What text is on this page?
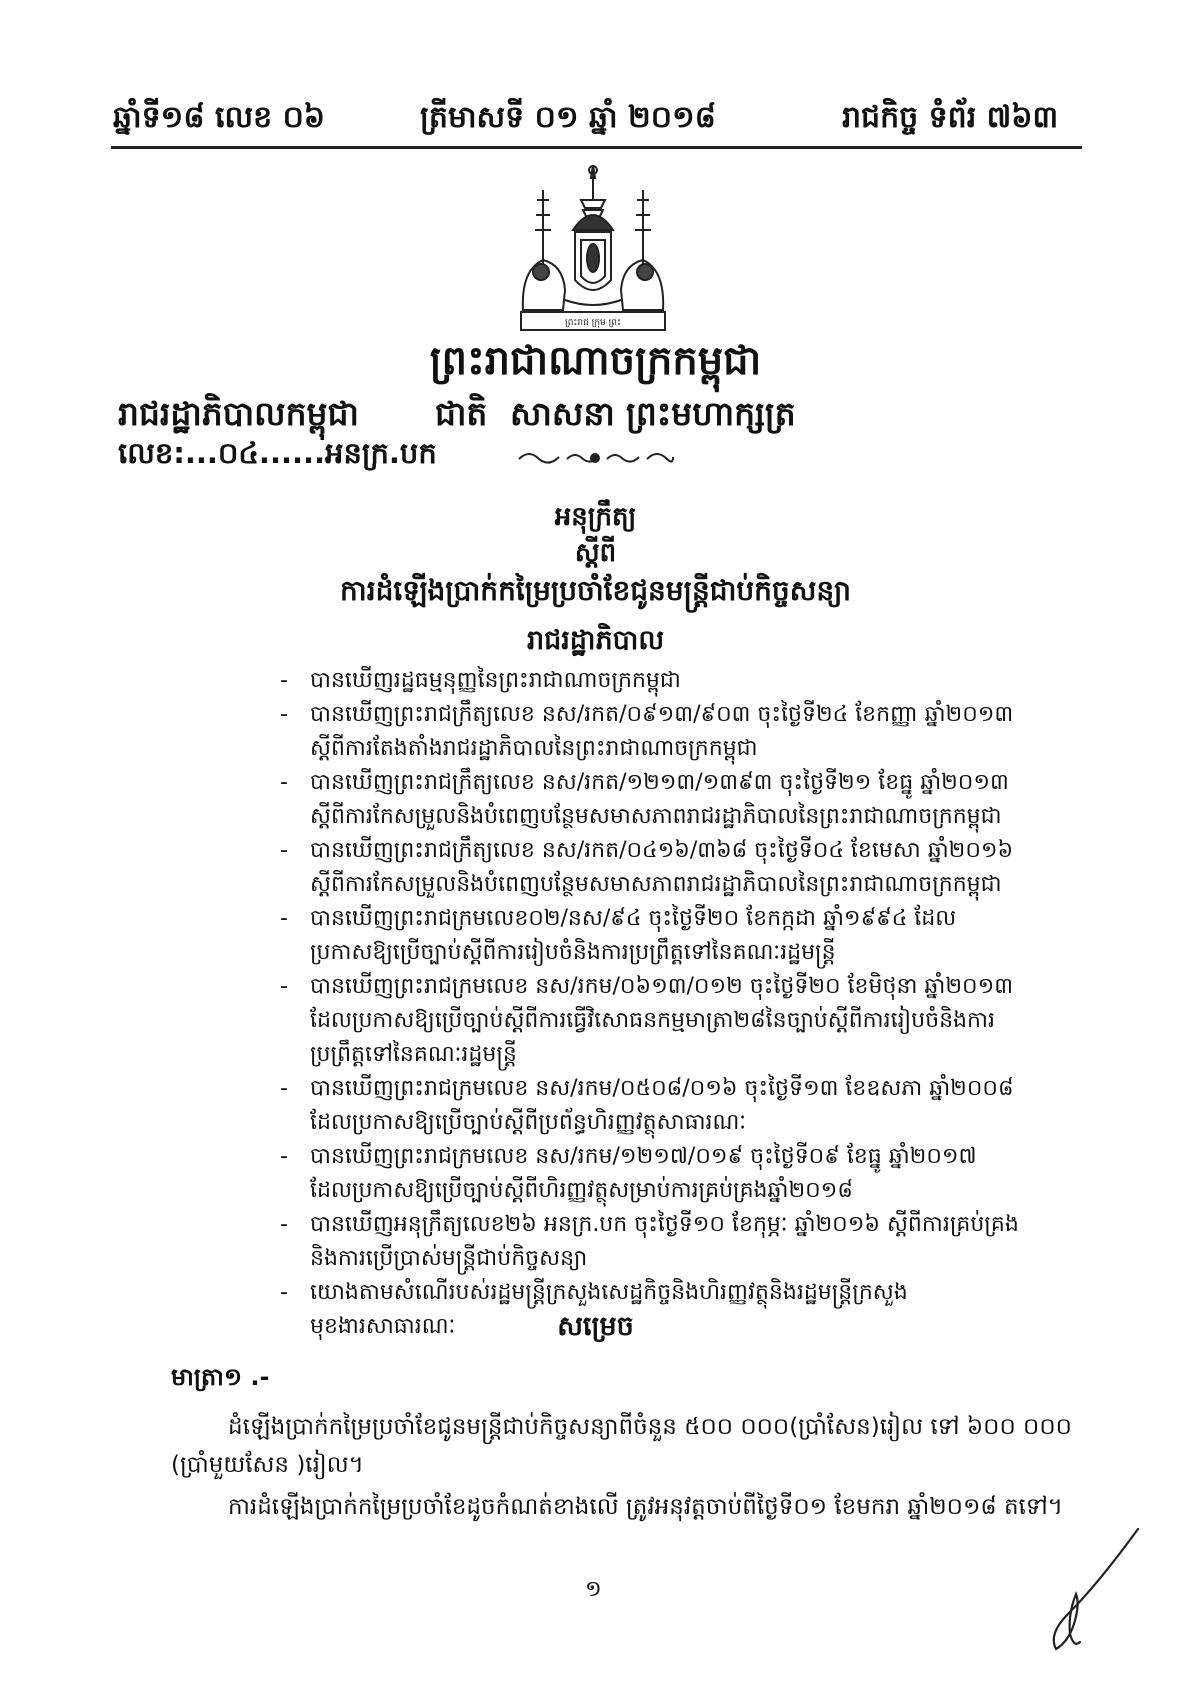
ឆ្នាំទី១៨ លេខ ០៦	ត្រីមាសទី ០១ ឆ្នាំ ២០១៨	រាជកិច្ច ទំព័រ ៧៦៣
ព្រះរាជ ក្រុម ព្រះ
ព្រះរាជាណាចក្រកម្ពុជា
រាជរដ្ឋាភិបាលកម្ពុជា ជាតិ សាសនា ព្រះមហាក្សត្រ
លេខ:...០៤......អនក្រ.បក
អនុក្រឹត្យ
ស្តីពី
ការដំឡើងប្រាក់កម្រៃប្រចាំខែជូនមន្ត្រីជាប់កិច្ចសន្យា
រាជរដ្ឋាភិបាល
- បានឃើញរដ្ឋធម្មនុញ្ញនៃព្រះរាជាណាចក្រកម្ពុជា
- បានឃើញព្រះរាជក្រឹត្យលេខ នស/រកត/០៩១៣/៩០៣ ចុះថ្ងៃទី២៤ ខែកញ្ញា ឆ្នាំ២០១៣ ស្តីពីការតែងតាំងរាជរដ្ឋាភិបាលនៃព្រះរាជាណាចក្រកម្ពុជា
- បានឃើញព្រះរាជក្រឹត្យលេខ នស/រកត/១២១៣/១៣៩៣ ចុះថ្ងៃទី២១ ខែធ្នូ ឆ្នាំ២០១៣ ស្តីពីការកែសម្រួលនិងបំពេញបន្ថែមសមាសភាពរាជរដ្ឋាភិបាលនៃព្រះរាជាណាចក្រកម្ពុជា
- បានឃើញព្រះរាជក្រឹត្យលេខ នស/រកត/០៤១៦/៣៦៨ ចុះថ្ងៃទី០៤ ខែមេសា ឆ្នាំ២០១៦ ស្តីពីការកែសម្រួលនិងបំពេញបន្ថែមសមាសភាពរាជរដ្ឋាភិបាលនៃព្រះរាជាណាចក្រកម្ពុជា
- បានឃើញព្រះរាជក្រមលេខ០២/នស/៩៤ ចុះថ្ងៃទី២០ ខែកក្កដា ឆ្នាំ១៩៩៤ ដែលប្រកាសឱ្យប្រើច្បាប់ស្តីពីការរៀបចំនិងការប្រព្រឹត្តទៅនៃគណៈរដ្ឋមន្ត្រី
- បានឃើញព្រះរាជក្រមលេខ នស/រកម/០៦១៣/០១២ ចុះថ្ងៃទី២០ ខែមិថុនា ឆ្នាំ២០១៣ ដែលប្រកាសឱ្យប្រើច្បាប់ស្តីពីការធ្វើវិសោធនកម្មមាត្រា២៨នៃច្បាប់ស្តីពីការរៀបចំនិងការប្រព្រឹត្តទៅនៃគណៈរដ្ឋមន្ត្រី
- បានឃើញព្រះរាជក្រមលេខ នស/រកម/០៥០៨/០១៦ ចុះថ្ងៃទី១៣ ខែឧសភា ឆ្នាំ២០០៨ ដែលប្រកាសឱ្យប្រើច្បាប់ស្តីពីប្រព័ន្ធហិរញ្ញវត្ថុសាធារណៈ
- បានឃើញព្រះរាជក្រមលេខ នស/រកម/១២១៧/០១៩ ចុះថ្ងៃទី០៩ ខែធ្នូ ឆ្នាំ២០១៧ ដែលប្រកាសឱ្យប្រើច្បាប់ស្តីពីហិរញ្ញវត្ថុសម្រាប់ការគ្រប់គ្រងឆ្នាំ២០១៨
- បានឃើញអនុក្រឹត្យលេខ២៦ អនក្រ.បក ចុះថ្ងៃទី១០ ខែកុម្ភៈ ឆ្នាំ២០១៦ ស្តីពីការគ្រប់គ្រងនិងការប្រើប្រាស់មន្ត្រីជាប់កិច្ចសន្យា
- យោងតាមសំណើរបស់រដ្ឋមន្ត្រីក្រសួងសេដ្ឋកិច្ចនិងហិរញ្ញវត្ថុនិងរដ្ឋមន្ត្រីក្រសួងមុខងារសាធារណៈ	សម្រេច
មាត្រា១ .-
ដំឡើងប្រាក់កម្រៃប្រចាំខែជូនមន្ត្រីជាប់កិច្ចសន្យាពីចំនួន ៥០០ ០០០(ប្រាំសែន)រៀល ទៅ ៦០០ ០០០
(ប្រាំមួយសែន )រៀល។
ការដំឡើងប្រាក់កម្រៃប្រចាំខែដូចកំណត់ខាងលើ ត្រូវអនុវត្តចាប់ពីថ្ងៃទី០១ ខែមករា ឆ្នាំ២០១៨ តទៅ។
១
